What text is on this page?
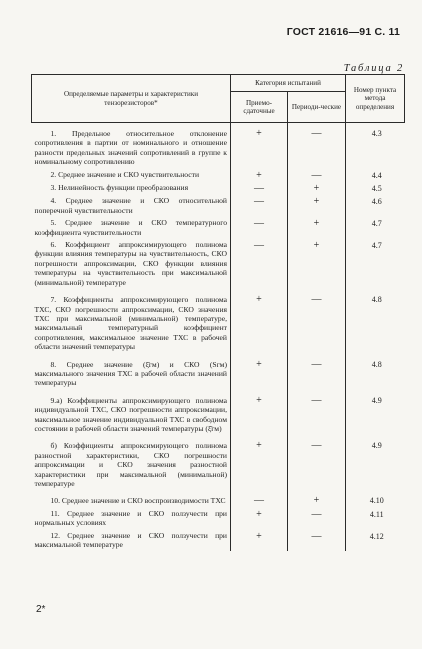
ГОСТ 21616—91 С. 11
Таблица 2
Определяемые параметры и характеристики тензорезисторов*	Категория испытаний		Номер пункта метода определения
	Приемо-сдаточные	Периоди-ческие	
1. Предельное относительное отклонение сопротивления в партии от номинального и отношение разности предельных значений сопротивлений в группе к номинальному сопротивлению	+	—	4.3
2. Среднее значение и СКО чувствительности	+	—	4.4
3. Нелинейность функции преобразования	—	+	4.5
4. Среднее значение и СКО относительной поперечной чувствительности	—	+	4.6
5. Среднее значение и СКО температурного коэффициента чувствительности	—	+	4.7
6. Коэффициент аппроксимирующего полинома функции влияния температуры на чувствительность, СКО погрешности аппроксимации, СКО функции влияния температуры на чувствительность при максимальной (минимальной) температуре	—	+	4.7
7. Коэффициенты аппроксимирующего полинома ТХС, СКО погрешности аппроксимации, СКО значения ТХС при максимальной (минимальной) температуре, максимальный температурный коэффициент сопротивления, максимальное значение ТХС в рабочей области значений температуры	+	—	4.8
8. Среднее значение (ξ̄гм) и СКО (Sгм) максимального значения ТХС в рабочей области значений температуры	+	—	4.8
9.а) Коэффициенты аппроксимирующего полинома индивидуальной ТХС, СКО погрешности аппроксимации, максимальное значение индивидуальной ТХС в свободном состоянии в рабочей области значений температуры (ξ̂гм)	+	—	4.9
б) Коэффициенты аппроксимирующего полинома разностной характеристики, СКО погрешности аппроксимации и СКО значения разностной характеристики при максимальной (минимальной) температуре	+	—	4.9
10. Среднее значение и СКО воспроизводимости ТХС	—	+	4.10
11. Среднее значение и СКО ползучести при нормальных условиях	+	—	4.11
12. Среднее значение и СКО ползучести при максимальной температуре	+	—	4.12
2*
